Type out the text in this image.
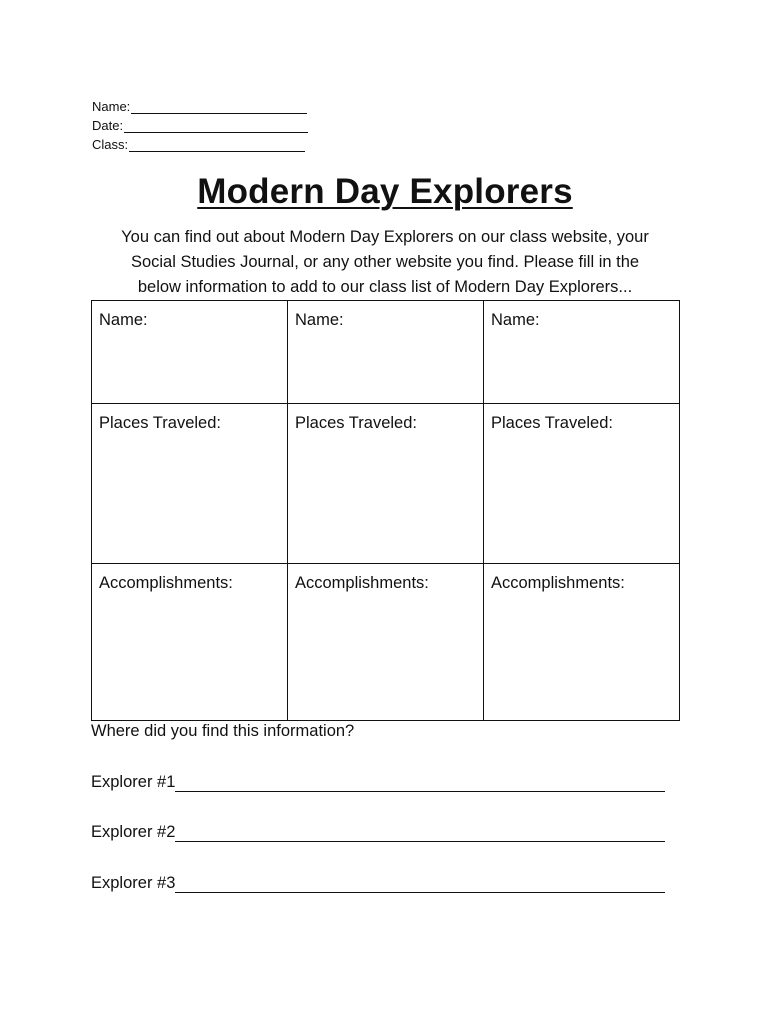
Name:
Date:
Class:
Modern Day Explorers
You can find out about Modern Day Explorers on our class website, your
Social Studies Journal, or any other website you find. Please fill in the
below information to add to our class list of Modern Day Explorers...
Name:	Name:	Name:
Places Traveled:	Places Traveled:	Places Traveled:
Accomplishments:	Accomplishments:	Accomplishments:
Where did you find this information?
Explorer #1
Explorer #2
Explorer #3
